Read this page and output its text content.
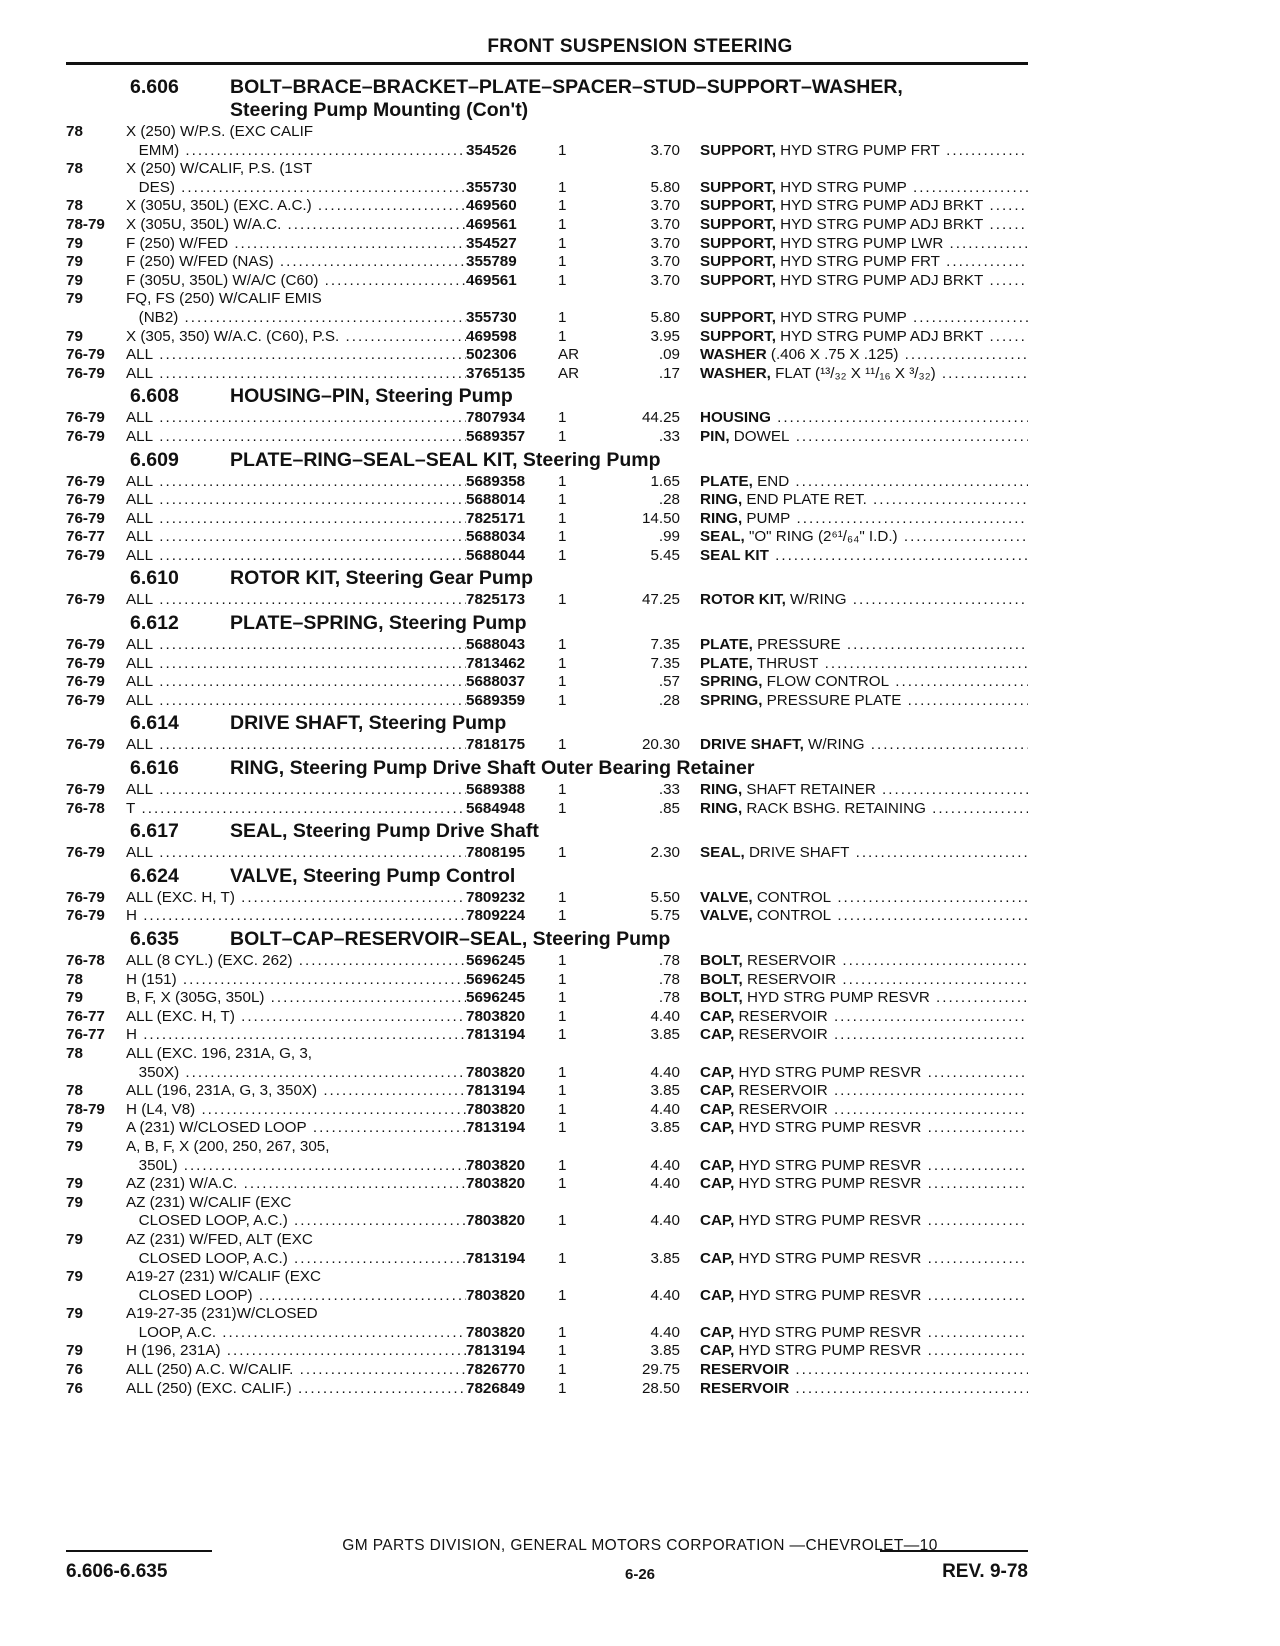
FRONT SUSPENSION STEERING
6.606	BOLT–BRACE–BRACKET–PLATE–SPACER–STUD–SUPPORT–WASHER,
Steering Pump Mounting (Con't)
78	X (250) W/P.S. (EXC CALIF
EMM) .....	354526	1	3.70	SUPPORT, HYD STRG PUMP FRT .....
78	X (250) W/CALIF, P.S. (1ST
DES) .....	355730	1	5.80	SUPPORT, HYD STRG PUMP .....
78	X (305U, 350L) (EXC. A.C.) .....	469560	1	3.70	SUPPORT, HYD STRG PUMP ADJ BRKT .....
78-79	X (305U, 350L) W/A.C. .....	469561	1	3.70	SUPPORT, HYD STRG PUMP ADJ BRKT .....
79	F (250) W/FED .....	354527	1	3.70	SUPPORT, HYD STRG PUMP LWR .....
79	F (250) W/FED (NAS) .....	355789	1	3.70	SUPPORT, HYD STRG PUMP FRT .....
79	F (305U, 350L) W/A/C (C60) .....	469561	1	3.70	SUPPORT, HYD STRG PUMP ADJ BRKT .....
79	FQ, FS (250) W/CALIF EMIS
(NB2) .....	355730	1	5.80	SUPPORT, HYD STRG PUMP .....
79	X (305, 350) W/A.C. (C60), P.S. .....	469598	1	3.95	SUPPORT, HYD STRG PUMP ADJ BRKT .....
76-79	ALL .....	502306	AR	.09	WASHER (.406 X .75 X .125) .....
76-79	ALL .....	3765135	AR	.17	WASHER, FLAT (¹³/₃₂ X ¹¹/₁₆ X ³/₃₂) .....
6.608	HOUSING–PIN, Steering Pump
76-79	ALL .....	7807934	1	44.25	HOUSING .....
76-79	ALL .....	5689357	1	.33	PIN, DOWEL .....
6.609	PLATE–RING–SEAL–SEAL KIT, Steering Pump
76-79	ALL .....	5689358	1	1.65	PLATE, END .....
76-79	ALL .....	5688014	1	.28	RING, END PLATE RET. .....
76-79	ALL .....	7825171	1	14.50	RING, PUMP .....
76-77	ALL .....	5688034	1	.99	SEAL, "O" RING (2⁶¹/₆₄" I.D.) .....
76-79	ALL .....	5688044	1	5.45	SEAL KIT .....
6.610	ROTOR KIT, Steering Gear Pump
76-79	ALL .....	7825173	1	47.25	ROTOR KIT, W/RING .....
6.612	PLATE–SPRING, Steering Pump
76-79	ALL .....	5688043	1	7.35	PLATE, PRESSURE .....
76-79	ALL .....	7813462	1	7.35	PLATE, THRUST .....
76-79	ALL .....	5688037	1	.57	SPRING, FLOW CONTROL .....
76-79	ALL .....	5689359	1	.28	SPRING, PRESSURE PLATE .....
6.614	DRIVE SHAFT, Steering Pump
76-79	ALL .....	7818175	1	20.30	DRIVE SHAFT, W/RING .....
6.616	RING, Steering Pump Drive Shaft Outer Bearing Retainer
76-79	ALL .....	5689388	1	.33	RING, SHAFT RETAINER .....
76-78	T .....	5684948	1	.85	RING, RACK BSHG. RETAINING .....
6.617	SEAL, Steering Pump Drive Shaft
76-79	ALL .....	7808195	1	2.30	SEAL, DRIVE SHAFT .....
6.624	VALVE, Steering Pump Control
76-79	ALL (EXC. H, T) .....	7809232	1	5.50	VALVE, CONTROL .....
76-79	H .....	7809224	1	5.75	VALVE, CONTROL .....
6.635	BOLT–CAP–RESERVOIR–SEAL, Steering Pump
76-78	ALL (8 CYL.) (EXC. 262) .....	5696245	1	.78	BOLT, RESERVOIR .....
78	H (151) .....	5696245	1	.78	BOLT, RESERVOIR .....
79	B, F, X (305G, 350L) .....	5696245	1	.78	BOLT, HYD STRG PUMP RESVR .....
76-77	ALL (EXC. H, T) .....	7803820	1	4.40	CAP, RESERVOIR .....
76-77	H .....	7813194	1	3.85	CAP, RESERVOIR .....
78	ALL (EXC. 196, 231A, G, 3,
350X) .....	7803820	1	4.40	CAP, HYD STRG PUMP RESVR .....
78	ALL (196, 231A, G, 3, 350X) .....	7813194	1	3.85	CAP, RESERVOIR .....
78-79	H (L4, V8) .....	7803820	1	4.40	CAP, RESERVOIR .....
79	A (231) W/CLOSED LOOP .....	7813194	1	3.85	CAP, HYD STRG PUMP RESVR .....
79	A, B, F, X (200, 250, 267, 305,
350L) .....	7803820	1	4.40	CAP, HYD STRG PUMP RESVR .....
79	AZ (231) W/A.C. .....	7803820	1	4.40	CAP, HYD STRG PUMP RESVR .....
79	AZ (231) W/CALIF (EXC
CLOSED LOOP, A.C.) .....	7803820	1	4.40	CAP, HYD STRG PUMP RESVR .....
79	AZ (231) W/FED, ALT (EXC
CLOSED LOOP, A.C.) .....	7813194	1	3.85	CAP, HYD STRG PUMP RESVR .....
79	A19-27 (231) W/CALIF (EXC
CLOSED LOOP) .....	7803820	1	4.40	CAP, HYD STRG PUMP RESVR .....
79	A19-27-35 (231)W/CLOSED
LOOP, A.C. .....	7803820	1	4.40	CAP, HYD STRG PUMP RESVR .....
79	H (196, 231A) .....	7813194	1	3.85	CAP, HYD STRG PUMP RESVR .....
76	ALL (250) A.C. W/CALIF. .....	7826770	1	29.75	RESERVOIR .....
76	ALL (250) (EXC. CALIF.) .....	7826849	1	28.50	RESERVOIR .....
GM PARTS DIVISION, GENERAL MOTORS CORPORATION —CHEVROLET—10
6.606-6.635	6-26	REV. 9-78
